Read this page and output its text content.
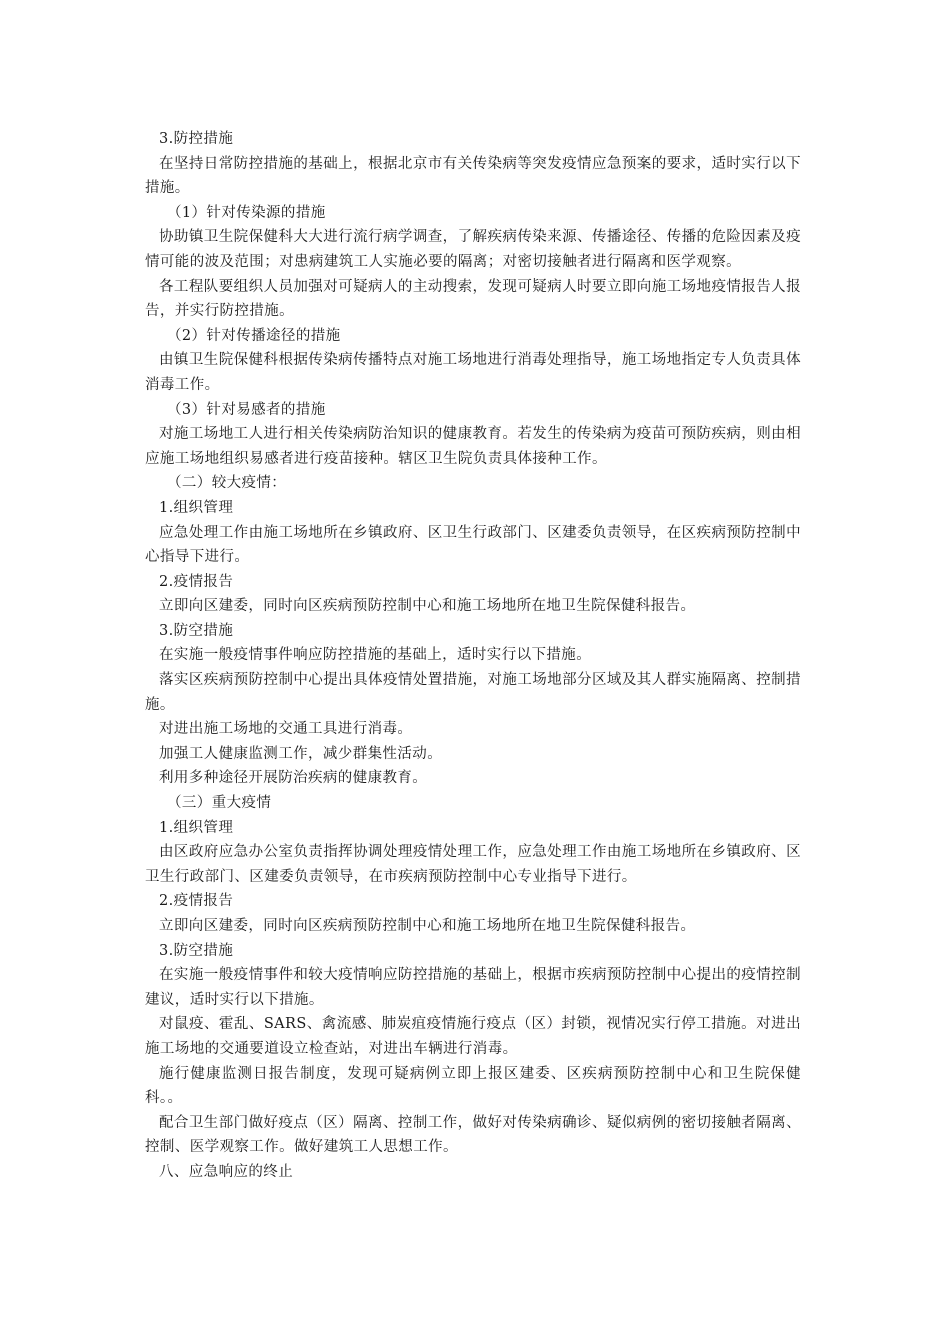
3.防控措施

在坚持日常防控措施的基础上，根据北京市有关传染病等突发疫情应急预案的要求，适时实行以下措施。

（1）针对传染源的措施

协助镇卫生院保健科大大进行流行病学调查，了解疾病传染来源、传播途径、传播的危险因素及疫情可能的波及范围；对患病建筑工人实施必要的隔离；对密切接触者进行隔离和医学观察。

各工程队要组织人员加强对可疑病人的主动搜索，发现可疑病人时要立即向施工场地疫情报告人报告，并实行防控措施。

（2）针对传播途径的措施

由镇卫生院保健科根据传染病传播特点对施工场地进行消毒处理指导，施工场地指定专人负责具体消毒工作。

（3）针对易感者的措施

对施工场地工人进行相关传染病防治知识的健康教育。若发生的传染病为疫苗可预防疾病，则由相应施工场地组织易感者进行疫苗接种。辖区卫生院负责具体接种工作。

（二）较大疫情：

1.组织管理

应急处理工作由施工场地所在乡镇政府、区卫生行政部门、区建委负责领导，在区疾病预防控制中心指导下进行。

2.疫情报告

立即向区建委，同时向区疾病预防控制中心和施工场地所在地卫生院保健科报告。

3.防空措施

在实施一般疫情事件响应防控措施的基础上，适时实行以下措施。

落实区疾病预防控制中心提出具体疫情处置措施，对施工场地部分区域及其人群实施隔离、控制措施。

对进出施工场地的交通工具进行消毒。

加强工人健康监测工作，减少群集性活动。

利用多种途径开展防治疾病的健康教育。

（三）重大疫情

1.组织管理

由区政府应急办公室负责指挥协调处理疫情处理工作，应急处理工作由施工场地所在乡镇政府、区卫生行政部门、区建委负责领导，在市疾病预防控制中心专业指导下进行。

2.疫情报告

立即向区建委，同时向区疾病预防控制中心和施工场地所在地卫生院保健科报告。

3.防空措施

在实施一般疫情事件和较大疫情响应防控措施的基础上，根据市疾病预防控制中心提出的疫情控制建议，适时实行以下措施。

对鼠疫、霍乱、SARS、禽流感、肺炭疽疫情施行疫点（区）封锁，视情况实行停工措施。对进出施工场地的交通要道设立检查站，对进出车辆进行消毒。

施行健康监测日报告制度，发现可疑病例立即上报区建委、区疾病预防控制中心和卫生院保健科。。

配合卫生部门做好疫点（区）隔离、控制工作，做好对传染病确诊、疑似病例的密切接触者隔离、控制、医学观察工作。做好建筑工人思想工作。

八、应急响应的终止
